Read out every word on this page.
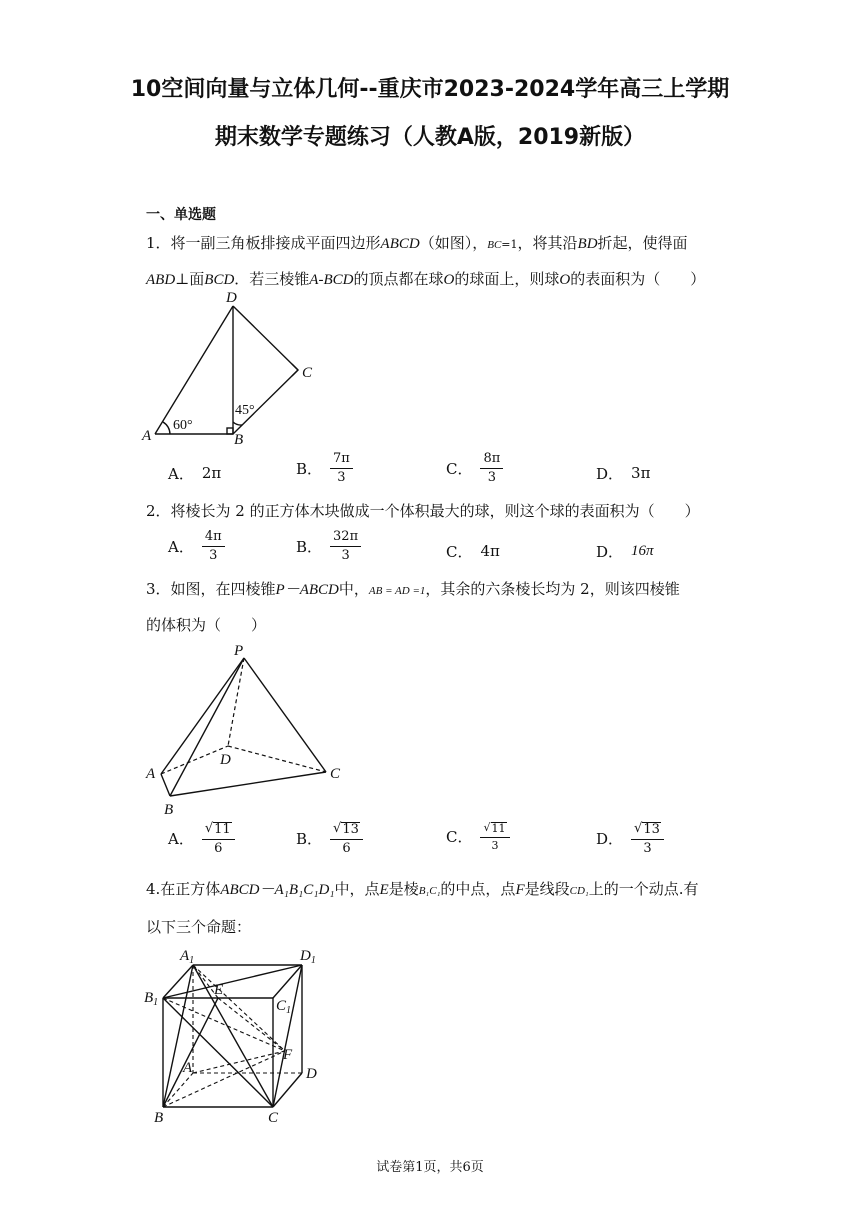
10空间向量与立体几何--重庆市2023-2024学年高三上学期
期末数学专题练习（人教A版，2019新版）
一、单选题
1．将一副三角板排接成平面四边形ABCD（如图），BC=1，将其沿BD折起，使得面
ABD⊥面BCD．若三棱锥A-BCD的顶点都在球O的球面上，则球O的表面积为（　　）
A	B
C
D
60°
45°
A． 2π	B． $\frac{7\pi}{3}$	C． $\frac{8\pi}{3}$	D． 3π
2．将棱长为 2 的正方体木块做成一个体积最大的球，则这个球的表面积为（　　）
A． $\frac{4\pi}{3}$	B． $\frac{32\pi}{3}$	C． 4π	D． 16π
3．如图，在四棱锥P－ABCD中，AB = AD =1，其余的六条棱长均为 2，则该四棱锥
的体积为（　　）
P
A
B
C
D
A． $\frac{√ 11}{6}$	B． $\frac{√ 13}{6}$	C． $\frac{√ 11}{3}$	D． $\frac{√ 13}{3}$
4.在正方体ABCD－A₁B₁C₁D₁中，点E是棱B₁C₁的中点，点F是线段CD₁上的一个动点.有
以下三个命题：
$A_1$	$D_1$
$B_1$	$C_1$
E
F
A	D
B	C
试卷第1页，共6页
